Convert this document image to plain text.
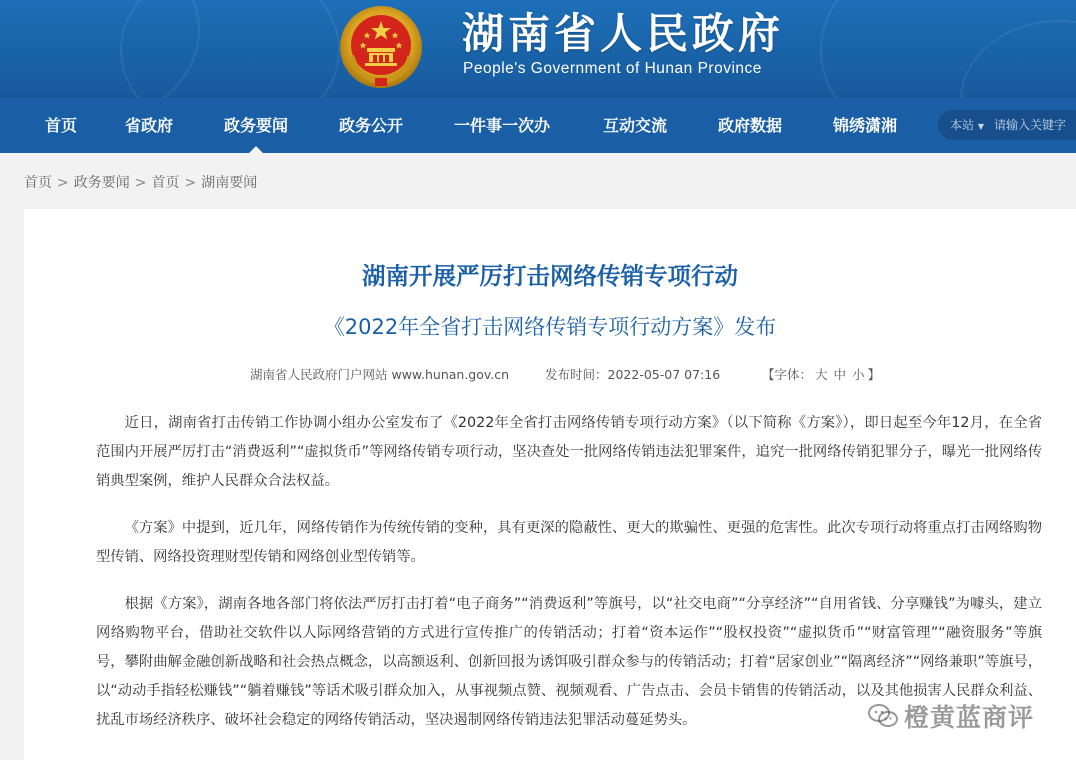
湖南省人民政府
People's Government of Hunan Province
首页	省政府	政务要闻	政务公开	一件事一次办	互动交流	政府数据	锦绣潇湘	本站 ▼
请输入关键字
首页 > 政务要闻 > 首页 > 湖南要闻
湖南开展严厉打击网络传销专项行动
《2022年全省打击网络传销专项行动方案》发布
湖南省人民政府门户网站 www.hunan.gov.cn	发布时间：2022-05-07 07:16	【字体： 大 中 小 】

近日，湖南省打击传销工作协调小组办公室发布了《2022年全省打击网络传销专项行动方案》（以下简称《方案》），即日起至今年12月，在全省范围内开展严厉打击“消费返利”“虚拟货币”等网络传销专项行动，坚决查处一批网络传销违法犯罪案件，追究一批网络传销犯罪分子，曝光一批网络传销典型案例，维护人民群众合法权益。

《方案》中提到，近几年，网络传销作为传统传销的变种，具有更深的隐蔽性、更大的欺骗性、更强的危害性。此次专项行动将重点打击网络购物型传销、网络投资理财型传销和网络创业型传销等。

根据《方案》，湖南各地各部门将依法严厉打击打着“电子商务”“消费返利”等旗号，以“社交电商”“分享经济”“自用省钱、分享赚钱”为噱头，建立网络购物平台，借助社交软件以人际网络营销的方式进行宣传推广的传销活动；打着“资本运作”“股权投资”“虚拟货币”“财富管理”“融资服务”等旗号，攀附曲解金融创新战略和社会热点概念，以高额返利、创新回报为诱饵吸引群众参与的传销活动；打着“居家创业”“隔离经济”“网络兼职”等旗号，以“动动手指轻松赚钱”“躺着赚钱”等话术吸引群众加入，从事视频点赞、视频观看、广告点击、会员卡销售的传销活动，以及其他损害人民群众利益、扰乱市场经济秩序、破坏社会稳定的网络传销活动，坚决遏制网络传销违法犯罪活动蔓延势头。	橙黄蓝商评
